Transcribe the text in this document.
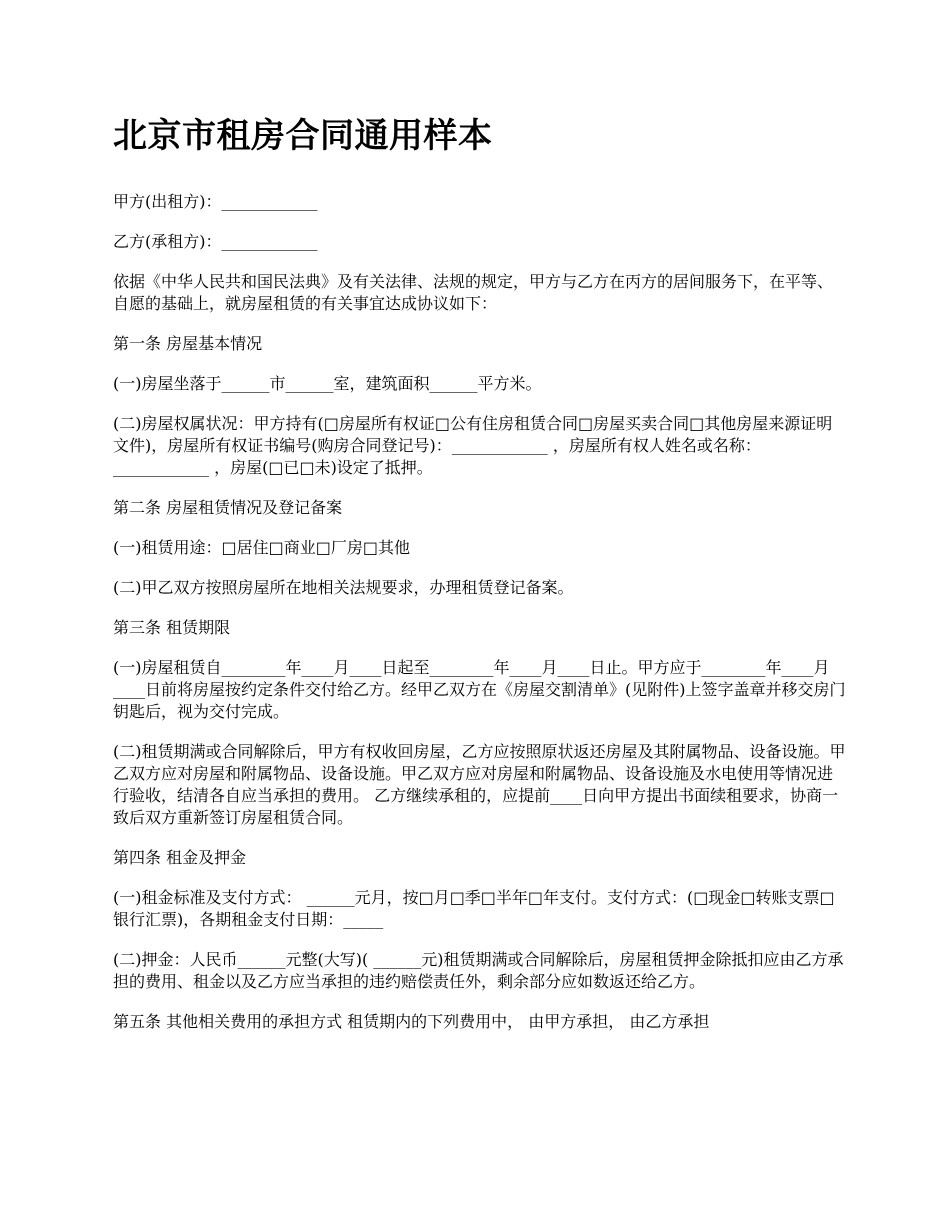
北京市租房合同通用样本

甲方(出租方)：____________

乙方(承租方)：____________

依据《中华人民共和国民法典》及有关法律、法规的规定，甲方与乙方在丙方的居间服务下，在平等、自愿的基础上，就房屋租赁的有关事宜达成协议如下：

第一条 房屋基本情况

(一)房屋坐落于______市______室，建筑面积______平方米。

(二)房屋权属状况：甲方持有(□房屋所有权证□公有住房租赁合同□房屋买卖合同□其他房屋来源证明文件)，房屋所有权证书编号(购房合同登记号)：____________ ，房屋所有权人姓名或名称：____________ ，房屋(□已□未)设定了抵押。

第二条 房屋租赁情况及登记备案

(一)租赁用途：□居住□商业□厂房□其他

(二)甲乙双方按照房屋所在地相关法规要求，办理租赁登记备案。

第三条 租赁期限

(一)房屋租赁自________年____月____日起至________年____月____日止。甲方应于________年____月____日前将房屋按约定条件交付给乙方。经甲乙双方在《房屋交割清单》(见附件)上签字盖章并移交房门钥匙后，视为交付完成。

(二)租赁期满或合同解除后，甲方有权收回房屋，乙方应按照原状返还房屋及其附属物品、设备设施。甲乙双方应对房屋和附属物品、设备设施。甲乙双方应对房屋和附属物品、设备设施及水电使用等情况进行验收，结清各自应当承担的费用。 乙方继续承租的，应提前____日向甲方提出书面续租要求，协商一致后双方重新签订房屋租赁合同。

第四条 租金及押金

(一)租金标准及支付方式： ______元月，按□月□季□半年□年支付。支付方式：(□现金□转账支票□银行汇票)，各期租金支付日期：_____

(二)押金：人民币______元整(大写)( ______元)租赁期满或合同解除后，房屋租赁押金除抵扣应由乙方承担的费用、租金以及乙方应当承担的违约赔偿责任外，剩余部分应如数返还给乙方。

第五条 其他相关费用的承担方式 租赁期内的下列费用中， 由甲方承担， 由乙方承担
